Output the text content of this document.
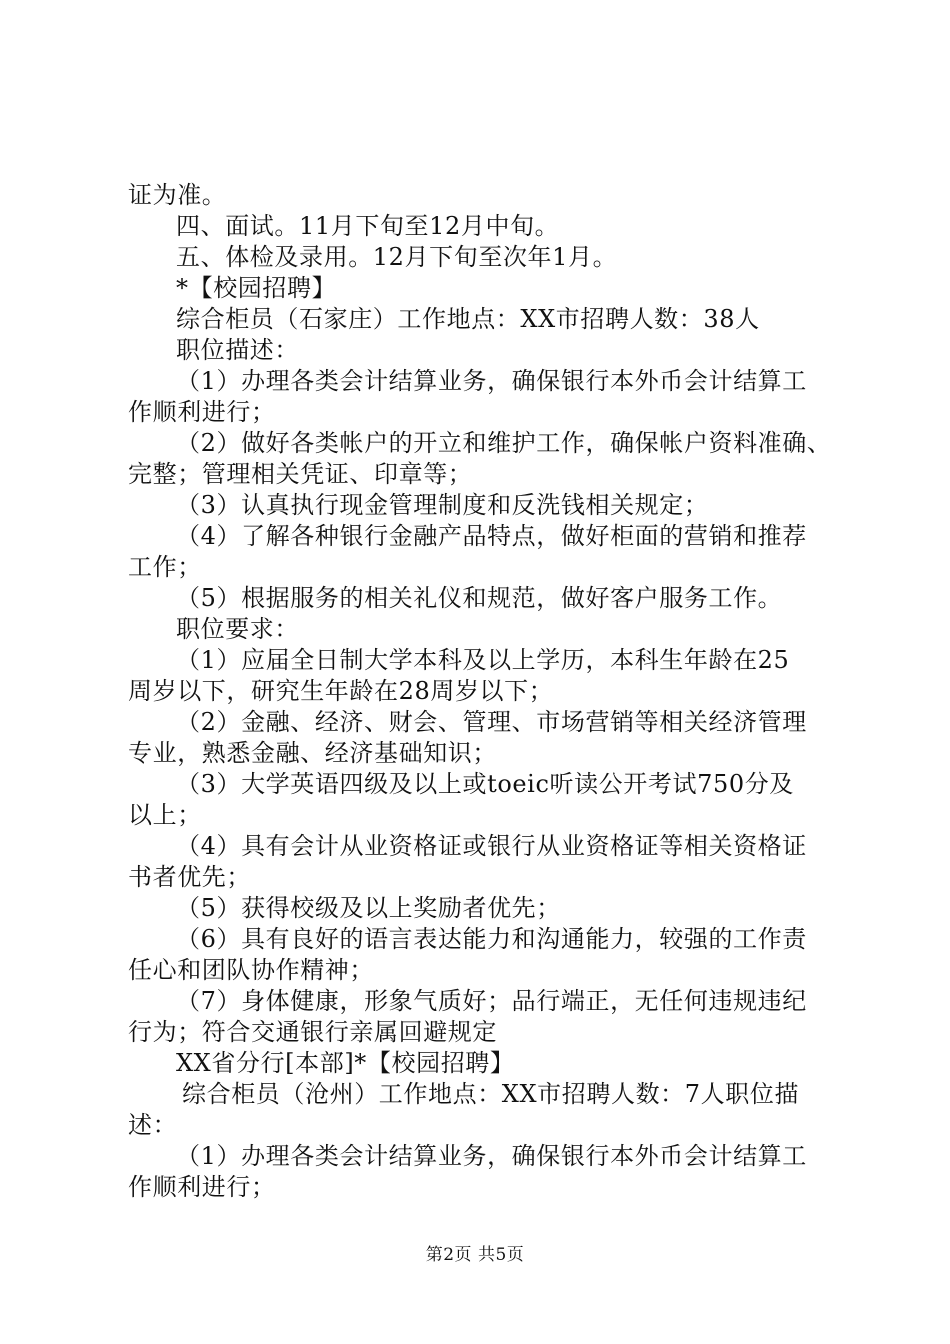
证为准。
四、面试。11月下旬至12月中旬。
五、体检及录用。12月下旬至次年1月。
*【校园招聘】
综合柜员（石家庄）工作地点：XX市招聘人数：38人
职位描述：
（1）办理各类会计结算业务，确保银行本外币会计结算工
作顺利进行；
（2）做好各类帐户的开立和维护工作，确保帐户资料准确、
完整；管理相关凭证、印章等；
（3）认真执行现金管理制度和反洗钱相关规定；
（4）了解各种银行金融产品特点，做好柜面的营销和推荐
工作；
（5）根据服务的相关礼仪和规范，做好客户服务工作。
职位要求：
（1）应届全日制大学本科及以上学历，本科生年龄在25
周岁以下，研究生年龄在28周岁以下；
（2）金融、经济、财会、管理、市场营销等相关经济管理
专业，熟悉金融、经济基础知识；
（3）大学英语四级及以上或toeic听读公开考试750分及
以上；
（4）具有会计从业资格证或银行从业资格证等相关资格证
书者优先；
（5）获得校级及以上奖励者优先；
（6）具有良好的语言表达能力和沟通能力，较强的工作责
任心和团队协作精神；
（7）身体健康，形象气质好；品行端正，无任何违规违纪
行为；符合交通银行亲属回避规定
XX省分行[本部]*【校园招聘】
综合柜员（沧州）工作地点：XX市招聘人数：7人职位描
述：
（1）办理各类会计结算业务，确保银行本外币会计结算工
作顺利进行；
第2页 共5页
